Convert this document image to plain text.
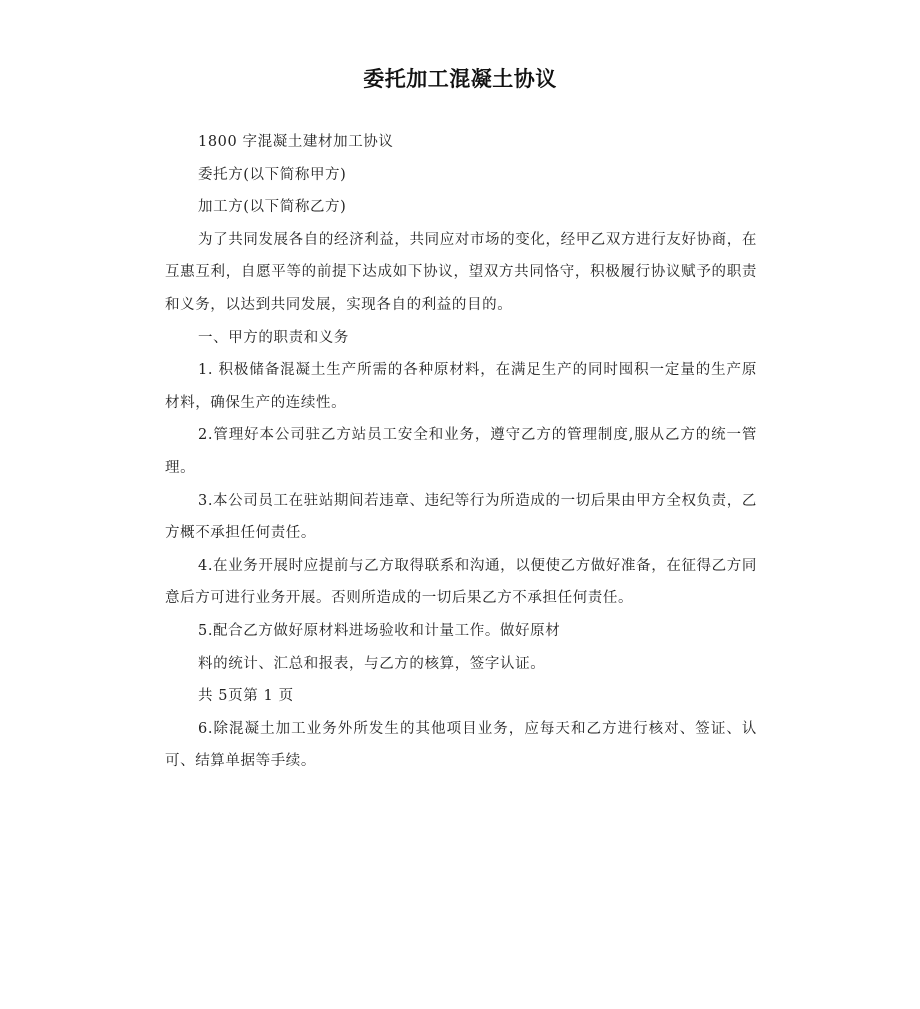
委托加工混凝土协议

1800 字混凝土建材加工协议

委托方(以下简称甲方)

加工方(以下简称乙方)

为了共同发展各自的经济利益，共同应对市场的变化，经甲乙双方进行友好协商，在互惠互利，自愿平等的前提下达成如下协议，望双方共同恪守，积极履行协议赋予的职责和义务，以达到共同发展，实现各自的利益的目的。

一、甲方的职责和义务

1. 积极储备混凝土生产所需的各种原材料，在满足生产的同时囤积一定量的生产原材料，确保生产的连续性。

2.管理好本公司驻乙方站员工安全和业务，遵守乙方的管理制度,服从乙方的统一管理。

3.本公司员工在驻站期间若违章、违纪等行为所造成的一切后果由甲方全权负责，乙方概不承担任何责任。

4.在业务开展时应提前与乙方取得联系和沟通，以便使乙方做好准备，在征得乙方同意后方可进行业务开展。否则所造成的一切后果乙方不承担任何责任。

5.配合乙方做好原材料进场验收和计量工作。做好原材

料的统计、汇总和报表，与乙方的核算，签字认证。

共 5页第 1 页

6.除混凝土加工业务外所发生的其他项目业务，应每天和乙方进行核对、签证、认可、结算单据等手续。
